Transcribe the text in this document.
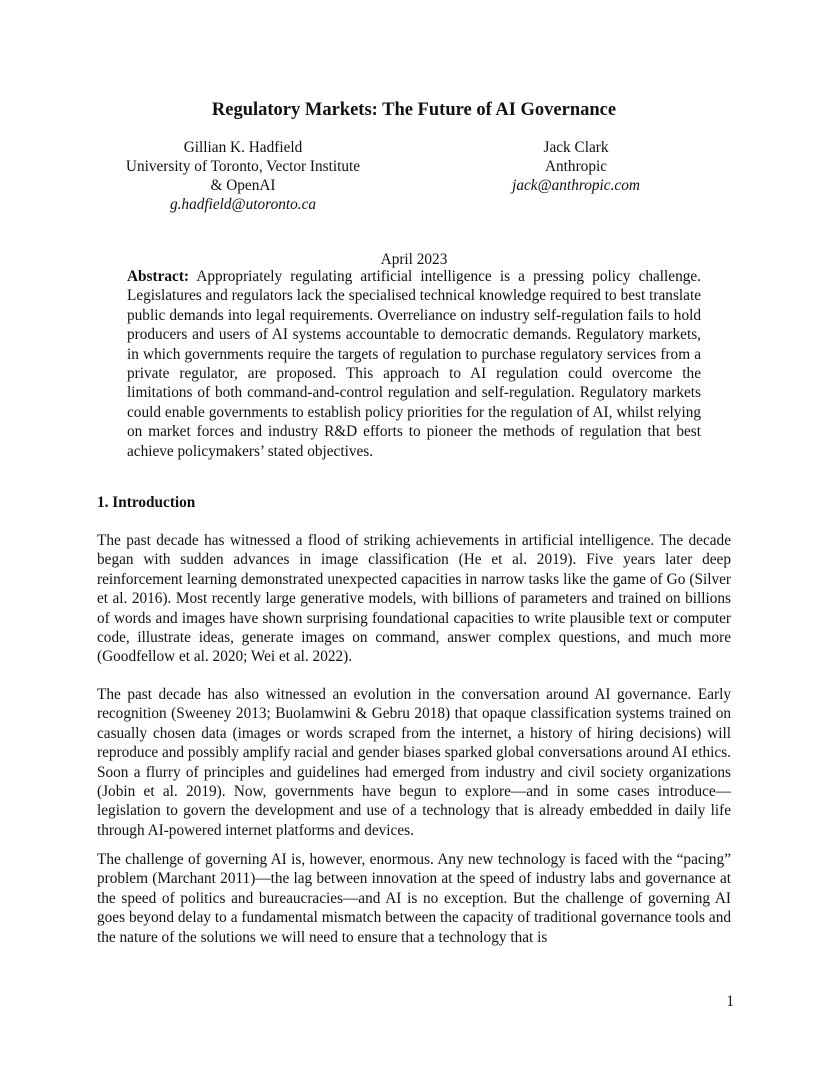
Regulatory Markets: The Future of AI Governance
Gillian K. Hadfield
University of Toronto, Vector Institute
& OpenAI
g.hadfield@utoronto.ca
Jack Clark
Anthropic
jack@anthropic.com
April 2023
Abstract: Appropriately regulating artificial intelligence is a pressing policy challenge. Legislatures and regulators lack the specialised technical knowledge required to best translate public demands into legal requirements. Overreliance on industry self-regulation fails to hold producers and users of AI systems accountable to democratic demands. Regulatory markets, in which governments require the targets of regulation to purchase regulatory services from a private regulator, are proposed. This approach to AI regulation could overcome the limitations of both command-and-control regulation and self-regulation. Regulatory markets could enable governments to establish policy priorities for the regulation of AI, whilst relying on market forces and industry R&D efforts to pioneer the methods of regulation that best achieve policymakers’ stated objectives.
1. Introduction

The past decade has witnessed a flood of striking achievements in artificial intelligence. The decade began with sudden advances in image classification (He et al. 2019). Five years later deep reinforcement learning demonstrated unexpected capacities in narrow tasks like the game of Go (Silver et al. 2016). Most recently large generative models, with billions of parameters and trained on billions of words and images have shown surprising foundational capacities to write plausible text or computer code, illustrate ideas, generate images on command, answer complex questions, and much more (Goodfellow et al. 2020; Wei et al. 2022).

The past decade has also witnessed an evolution in the conversation around AI governance. Early recognition (Sweeney 2013; Buolamwini & Gebru 2018) that opaque classification systems trained on casually chosen data (images or words scraped from the internet, a history of hiring decisions) will reproduce and possibly amplify racial and gender biases sparked global conversations around AI ethics. Soon a flurry of principles and guidelines had emerged from industry and civil society organizations (Jobin et al. 2019). Now, governments have begun to explore—and in some cases introduce—legislation to govern the development and use of a technology that is already embedded in daily life through AI-powered internet platforms and devices.

The challenge of governing AI is, however, enormous. Any new technology is faced with the “pacing” problem (Marchant 2011)—the lag between innovation at the speed of industry labs and governance at the speed of politics and bureaucracies—and AI is no exception. But the challenge of governing AI goes beyond delay to a fundamental mismatch between the capacity of traditional governance tools and the nature of the solutions we will need to ensure that a technology that is

1
